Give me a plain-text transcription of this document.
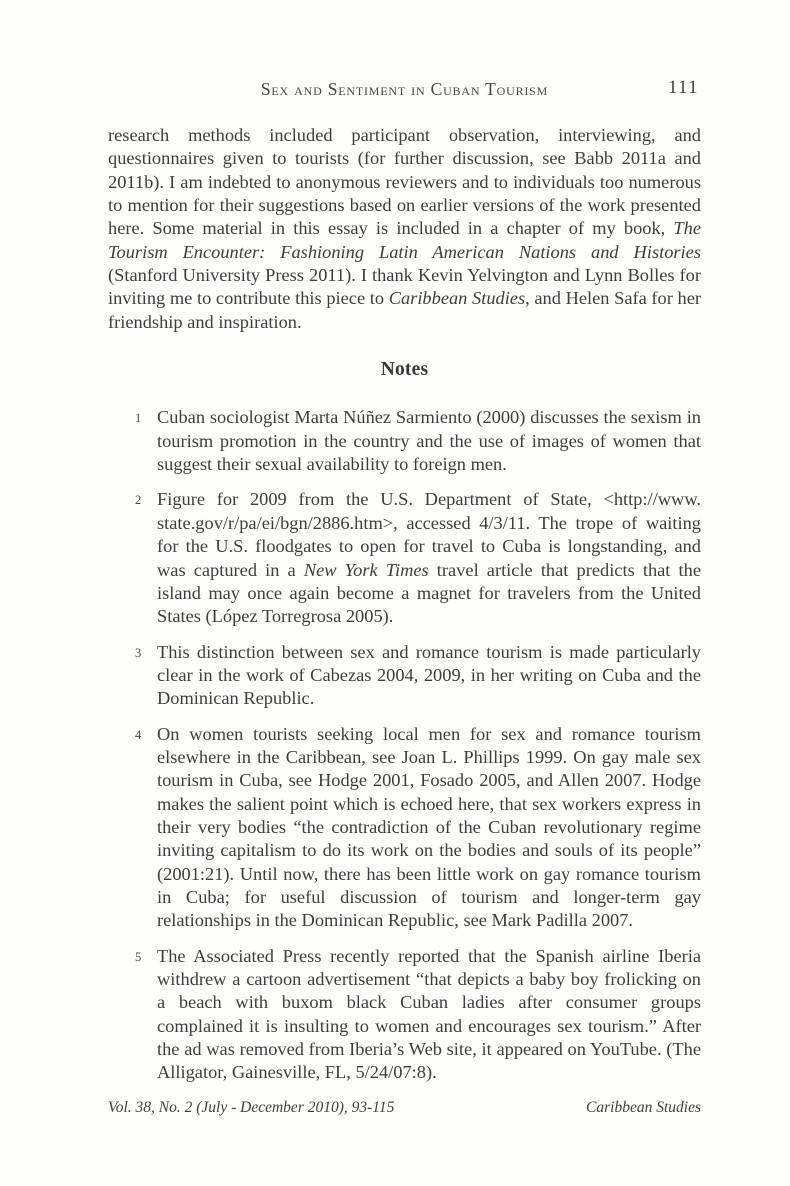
Sex and Sentiment in Cuban Tourism	111

research methods included participant observation, interviewing, and questionnaires given to tourists (for further discussion, see Babb 2011a and 2011b). I am indebted to anonymous reviewers and to individuals too numerous to mention for their suggestions based on earlier versions of the work presented here. Some material in this essay is included in a chapter of my book, The Tourism Encounter: Fashioning Latin American Nations and Histories (Stanford University Press 2011). I thank Kevin Yelvington and Lynn Bolles for inviting me to contribute this piece to Caribbean Studies, and Helen Safa for her friendship and inspiration.

Notes
1 Cuban sociologist Marta Núñez Sarmiento (2000) discusses the sexism in tourism promotion in the country and the use of images of women that suggest their sexual availability to foreign men.
2 Figure for 2009 from the U.S. Department of State, <http://www.​state.gov/r/pa/ei/bgn/2886.htm>, accessed 4/3/11. The trope of waiting for the U.S. floodgates to open for travel to Cuba is longstanding, and was captured in a New York Times travel article that predicts that the island may once again become a magnet for travelers from the United States (López Torregrosa 2005).
3 This distinction between sex and romance tourism is made particularly clear in the work of Cabezas 2004, 2009, in her writing on Cuba and the Dominican Republic.
4 On women tourists seeking local men for sex and romance tourism elsewhere in the Caribbean, see Joan L. Phillips 1999. On gay male sex tourism in Cuba, see Hodge 2001, Fosado 2005, and Allen 2007. Hodge makes the salient point which is echoed here, that sex workers express in their very bodies “the contradiction of the Cuban revolutionary regime inviting capitalism to do its work on the bodies and souls of its people” (2001:21). Until now, there has been little work on gay romance tourism in Cuba; for useful discussion of tourism and longer-term gay relationships in the Dominican Republic, see Mark Padilla 2007.
5 The Associated Press recently reported that the Spanish airline Iberia withdrew a cartoon advertisement “that depicts a baby boy frolicking on a beach with buxom black Cuban ladies after consumer groups complained it is insulting to women and encourages sex tourism.” After the ad was removed from Iberia’s Web site, it appeared on YouTube. (The Alligator, Gainesville, FL, 5/24/07:8).
Vol. 38, No. 2 (July - December 2010), 93-115	Caribbean Studies
